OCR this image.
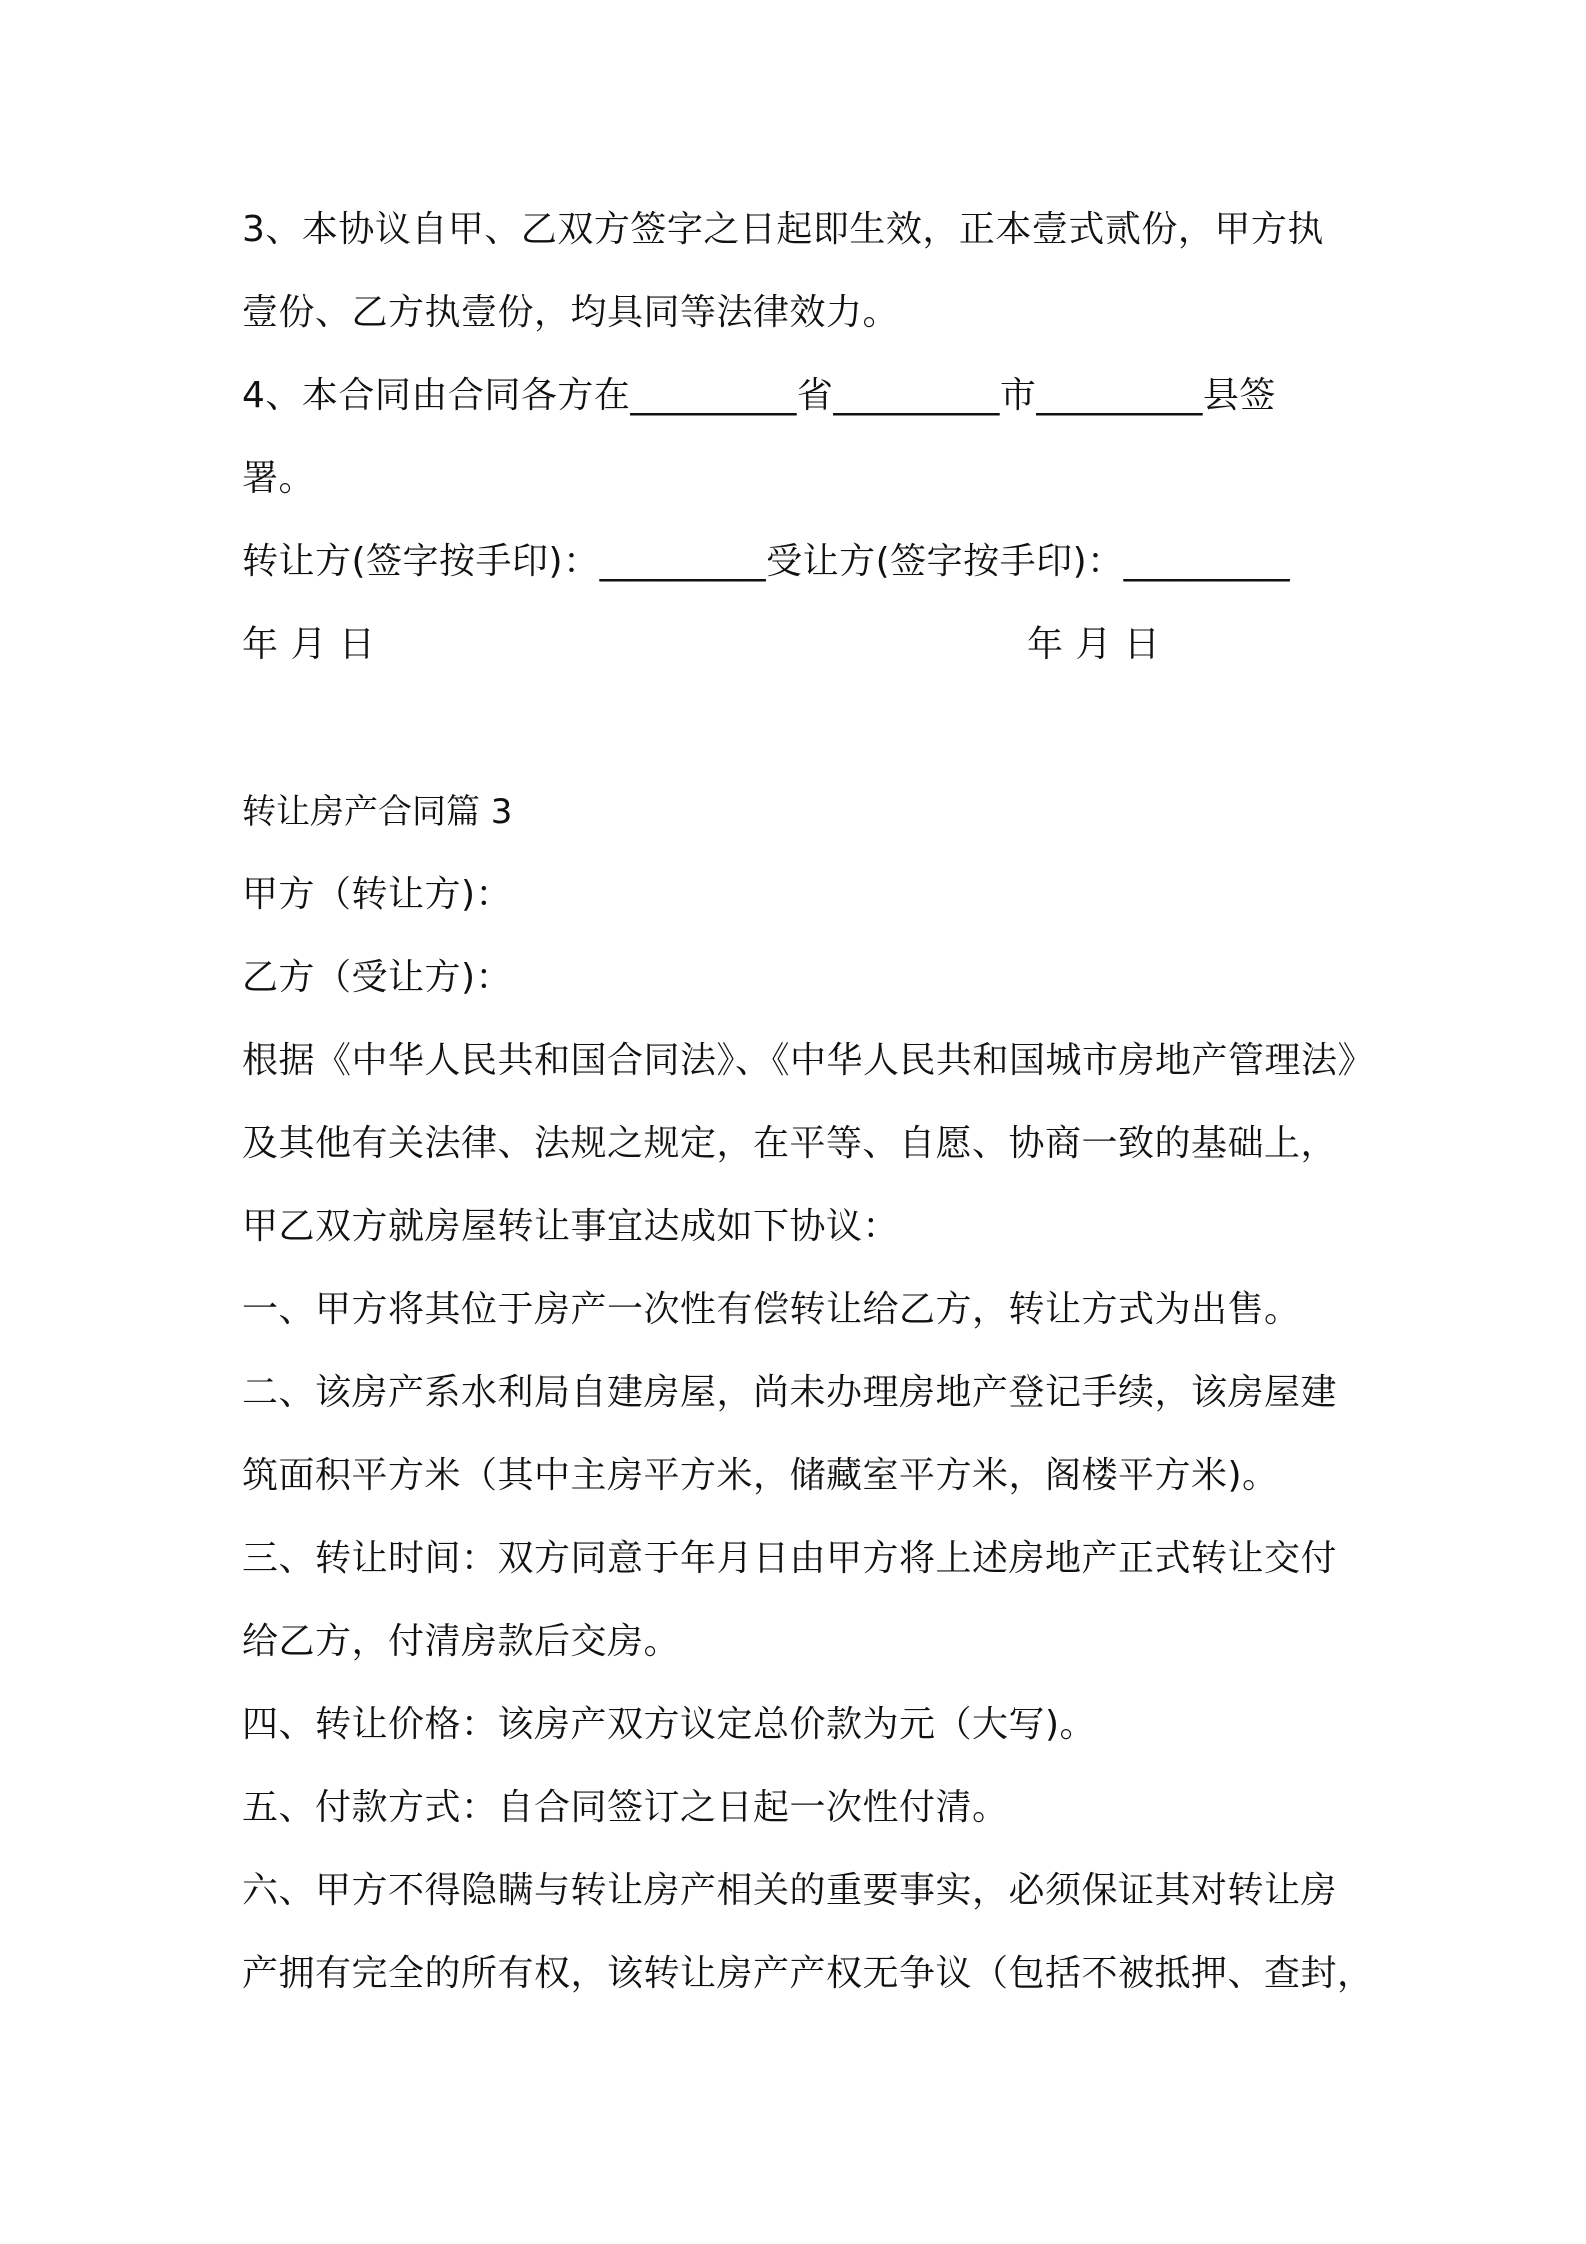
3、本协议自甲、乙双方签字之日起即生效，正本壹式贰份，甲方执
壹份、乙方执壹份，均具同等法律效力。
4、本合同由合同各方在_________省_________市_________县签
署。
转让方(签字按手印)：_________受让方(签字按手印)：_________
年 月 日	年 月 日
转让房产合同篇 3
甲方（转让方)：
乙方（受让方)：
根据《中华人民共和国合同法》、《中华人民共和国城市房地产管理法》
及其他有关法律、法规之规定，在平等、自愿、协商一致的基础上，
甲乙双方就房屋转让事宜达成如下协议：
一、甲方将其位于房产一次性有偿转让给乙方，转让方式为出售。
二、该房产系水利局自建房屋，尚未办理房地产登记手续，该房屋建
筑面积平方米（其中主房平方米，储藏室平方米，阁楼平方米)。
三、转让时间：双方同意于年月日由甲方将上述房地产正式转让交付
给乙方，付清房款后交房。
四、转让价格：该房产双方议定总价款为元（大写)。
五、付款方式：自合同签订之日起一次性付清。
六、甲方不得隐瞒与转让房产相关的重要事实，必须保证其对转让房
产拥有完全的所有权，该转让房产产权无争议（包括不被抵押、查封，
